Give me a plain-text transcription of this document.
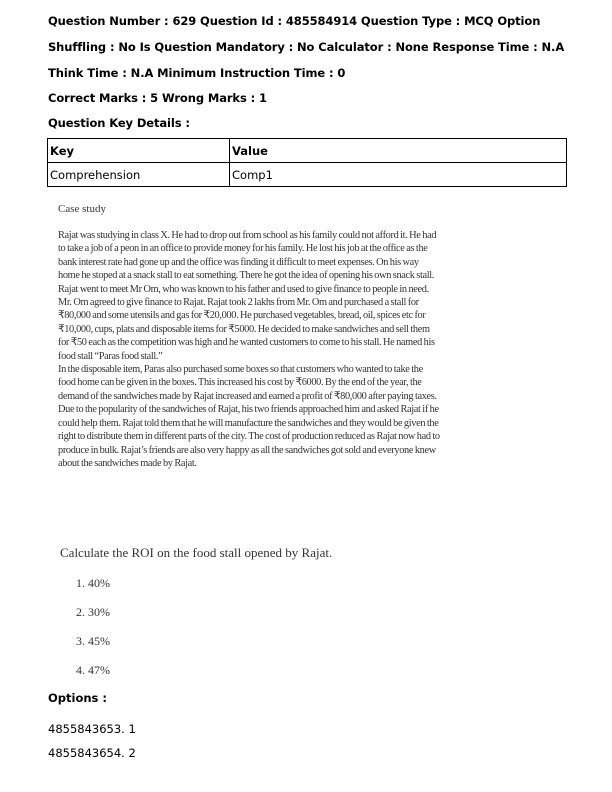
Question Number : 629 Question Id : 485584914 Question Type : MCQ Option Shuffling : No Is Question Mandatory : No Calculator : None Response Time : N.A Think Time : N.A Minimum Instruction Time : 0
Correct Marks : 5 Wrong Marks : 1
Question Key Details :
Key	Value
Comprehension	Comp1
Case study

Rajat was studying in class X. He had to drop out from school as his family could not afford it. He had to take a job of a peon in an office to provide money for his family. He lost his job at the office as the bank interest rate had gone up and the office was finding it difficult to meet expenses. On his way home he stoped at a snack stall to eat something. There he got the idea of opening his own snack stall. Rajat went to meet Mr Om, who was known to his father and used to give finance to people in need. Mr. Om agreed to give finance to Rajat. Rajat took 2 lakhs from Mr. Om and purchased a stall for ₹80,000 and some utensils and gas for ₹20,000. He purchased vegetables, bread, oil, spices etc for ₹10,000, cups, plats and disposable items for ₹5000. He decided to make sandwiches and sell them for ₹50 each as the competition was high and he wanted customers to come to his stall. He named his food stall “Paras food stall.”

In the disposable item, Paras also purchased some boxes so that customers who wanted to take the food home can be given in the boxes. This increased his cost by ₹6000. By the end of the year, the demand of the sandwiches made by Rajat increased and earned a profit of ₹80,000 after paying taxes.

Due to the popularity of the sandwiches of Rajat, his two friends approached him and asked Rajat if he could help them. Rajat told them that he will manufacture the sandwiches and they would be given the right to distribute them in different parts of the city. The cost of production reduced as Rajat now had to produce in bulk. Rajat’s friends are also very happy as all the sandwiches got sold and everyone knew about the sandwiches made by Rajat.

Calculate the ROI on the food stall opened by Rajat.
1. 40%
2. 30%
3. 45%
4. 47%
Options :
4855843653. 1
4855843654. 2
